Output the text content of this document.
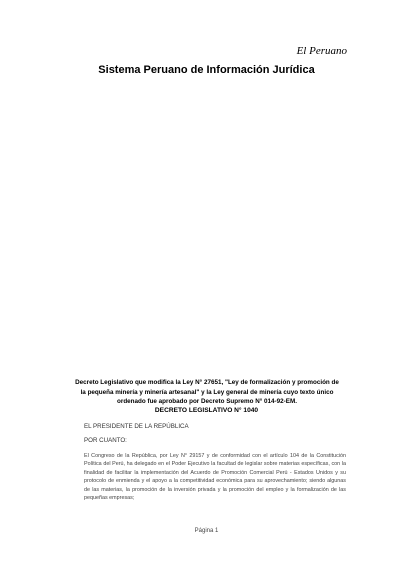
El Peruano
Sistema Peruano de Información Jurídica
Decreto Legislativo que modifica la Ley N° 27651, "Ley de formalización y promoción de la pequeña minería y minería artesanal" y la Ley general de minería cuyo texto único ordenado fue aprobado por Decreto Supremo N° 014-92-EM.
DECRETO LEGISLATIVO N° 1040
EL PRESIDENTE DE LA REPÚBLICA
POR CUANTO:
El Congreso de la República, por Ley N° 29157 y de conformidad con el artículo 104 de la Constitución Política del Perú, ha delegado en el Poder Ejecutivo la facultad de legislar sobre materias específicas, con la finalidad de facilitar la implementación del Acuerdo de Promoción Comercial Perú - Estados Unidos y su protocolo de enmienda y el apoyo a la competitividad económica para su aprovechamiento; siendo algunas de las materias, la promoción de la inversión privada y la promoción del empleo y la formalización de las pequeñas empresas;
Página 1
